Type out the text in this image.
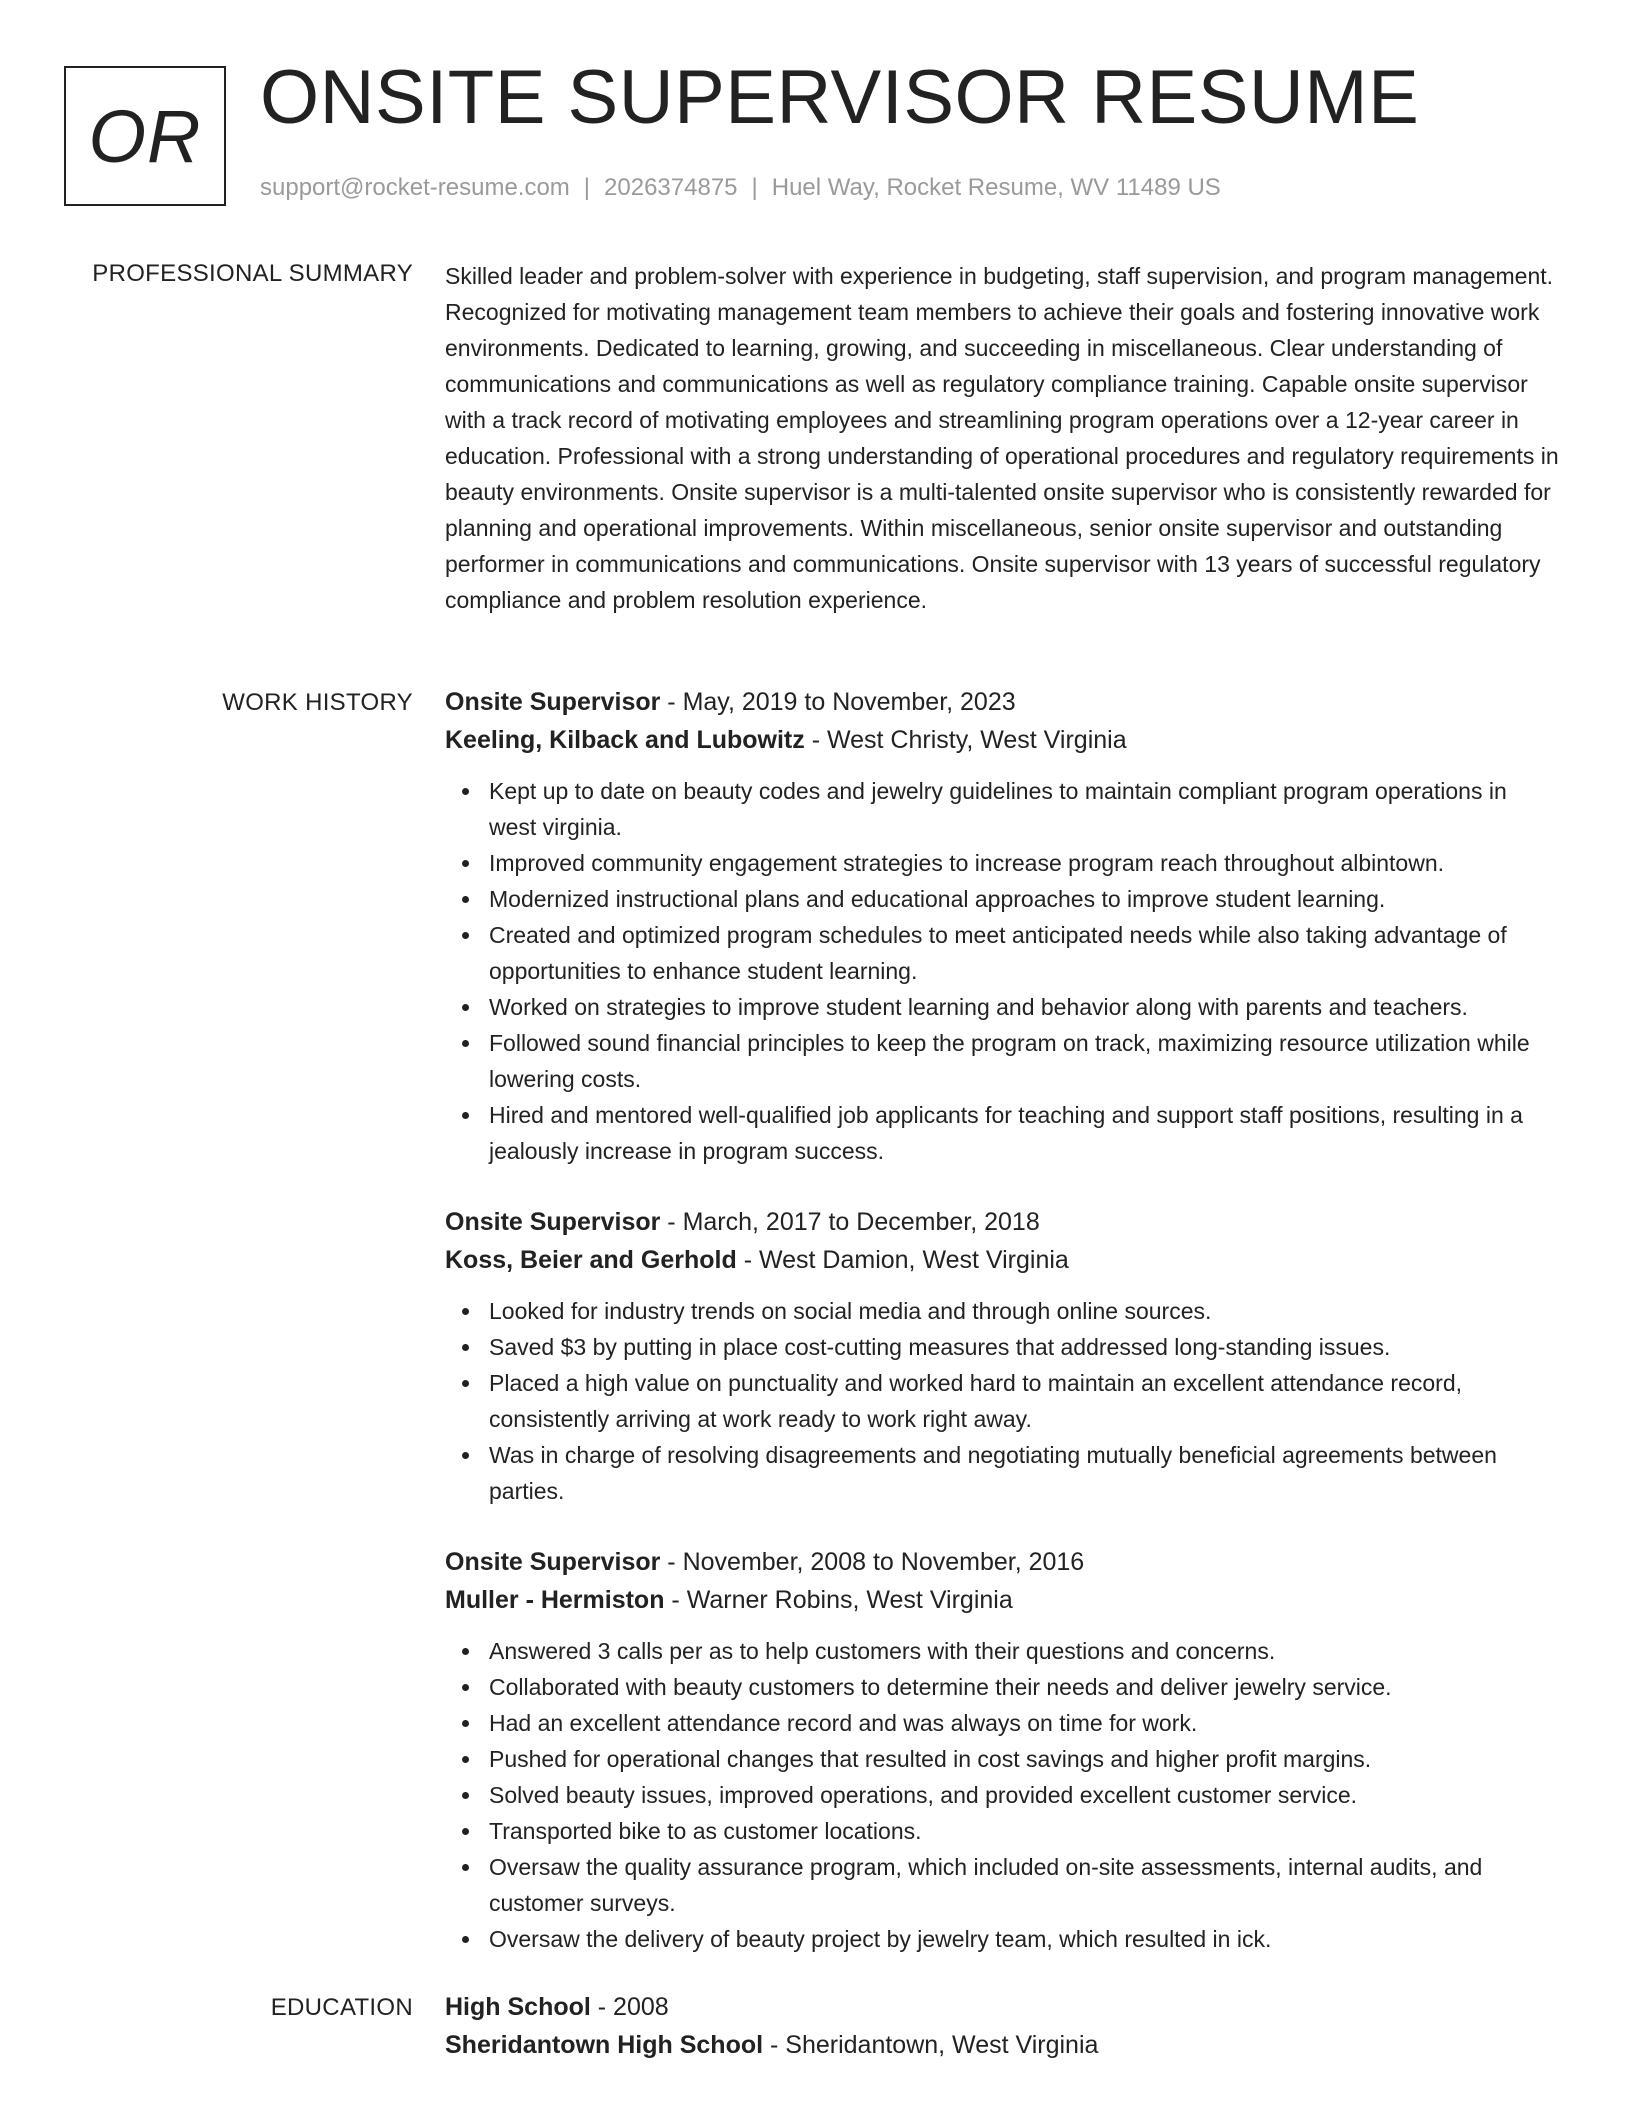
OR ONSITE SUPERVISOR RESUME
support@rocket-resume.com | 2026374875 | Huel Way, Rocket Resume, WV 11489 US
PROFESSIONAL SUMMARY Skilled leader and problem-solver with experience in budgeting, staff supervision, and program management. Recognized for motivating management team members to achieve their goals and fostering innovative work environments. Dedicated to learning, growing, and succeeding in miscellaneous. Clear understanding of communications and communications as well as regulatory compliance training. Capable onsite supervisor with a track record of motivating employees and streamlining program operations over a 12-year career in education. Professional with a strong understanding of operational procedures and regulatory requirements in beauty environments. Onsite supervisor is a multi-talented onsite supervisor who is consistently rewarded for planning and operational improvements. Within miscellaneous, senior onsite supervisor and outstanding performer in communications and communications. Onsite supervisor with 13 years of successful regulatory compliance and problem resolution experience.

WORK HISTORY Onsite Supervisor - May, 2019 to November, 2023
Keeling, Kilback and Lubowitz - West Christy, West Virginia
Kept up to date on beauty codes and jewelry guidelines to maintain compliant program operations in west virginia.
Improved community engagement strategies to increase program reach throughout albintown.
Modernized instructional plans and educational approaches to improve student learning.
Created and optimized program schedules to meet anticipated needs while also taking advantage of opportunities to enhance student learning.
Worked on strategies to improve student learning and behavior along with parents and teachers.
Followed sound financial principles to keep the program on track, maximizing resource utilization while lowering costs.
Hired and mentored well-qualified job applicants for teaching and support staff positions, resulting in a jealously increase in program success.
Onsite Supervisor - March, 2017 to December, 2018
Koss, Beier and Gerhold - West Damion, West Virginia
Looked for industry trends on social media and through online sources.
Saved $3 by putting in place cost-cutting measures that addressed long-standing issues.
Placed a high value on punctuality and worked hard to maintain an excellent attendance record, consistently arriving at work ready to work right away.
Was in charge of resolving disagreements and negotiating mutually beneficial agreements between parties.
Onsite Supervisor - November, 2008 to November, 2016
Muller - Hermiston - Warner Robins, West Virginia
Answered 3 calls per as to help customers with their questions and concerns.
Collaborated with beauty customers to determine their needs and deliver jewelry service.
Had an excellent attendance record and was always on time for work.
Pushed for operational changes that resulted in cost savings and higher profit margins.
Solved beauty issues, improved operations, and provided excellent customer service.
Transported bike to as customer locations.
Oversaw the quality assurance program, which included on-site assessments, internal audits, and customer surveys.
Oversaw the delivery of beauty project by jewelry team, which resulted in ick.
EDUCATION High School - 2008
Sheridantown High School - Sheridantown, West Virginia
